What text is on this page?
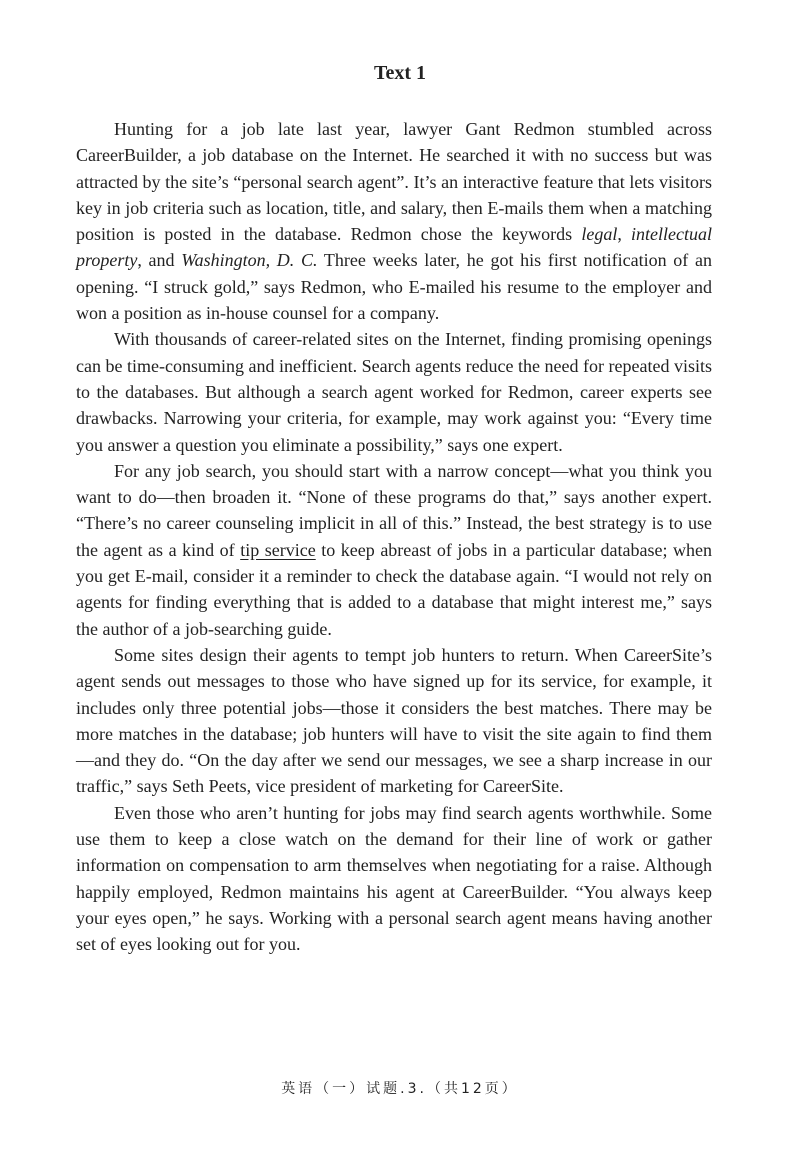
Text 1

Hunting for a job late last year, lawyer Gant Redmon stumbled across CareerBuilder, a job database on the Internet. He searched it with no success but was attracted by the site’s “personal search agent”. It’s an interactive feature that lets visitors key in job criteria such as location, title, and salary, then E-mails them when a matching position is posted in the database. Redmon chose the keywords legal, intellectual property, and Washington, D. C. Three weeks later, he got his first notification of an opening. “I struck gold,” says Redmon, who E-mailed his resume to the employer and won a position as in-house counsel for a company.

With thousands of career-related sites on the Internet, finding promising openings can be time-consuming and inefficient. Search agents reduce the need for repeated visits to the databases. But although a search agent worked for Redmon, career experts see drawbacks. Narrowing your criteria, for example, may work against you: “Every time you answer a question you eliminate a possibility,” says one expert.

For any job search, you should start with a narrow concept—what you think you want to do—then broaden it. “None of these programs do that,” says another expert. “There’s no career counseling implicit in all of this.” Instead, the best strategy is to use the agent as a kind of tip service to keep abreast of jobs in a particular database; when you get E-mail, consider it a reminder to check the database again. “I would not rely on agents for finding everything that is added to a database that might interest me,” says the author of a job-searching guide.

Some sites design their agents to tempt job hunters to return. When CareerSite’s agent sends out messages to those who have signed up for its service, for example, it includes only three potential jobs—those it considers the best matches. There may be more matches in the database; job hunters will have to visit the site again to find them—and they do. “On the day after we send our messages, we see a sharp increase in our traffic,” says Seth Peets, vice president of marketing for CareerSite.

Even those who aren’t hunting for jobs may find search agents worthwhile. Some use them to keep a close watch on the demand for their line of work or gather information on compensation to arm themselves when negotiating for a raise. Although happily employed, Redmon maintains his agent at CareerBuilder. “You always keep your eyes open,” he says. Working with a personal search agent means having another set of eyes looking out for you.

英语（一）试题.3.（共12页）
